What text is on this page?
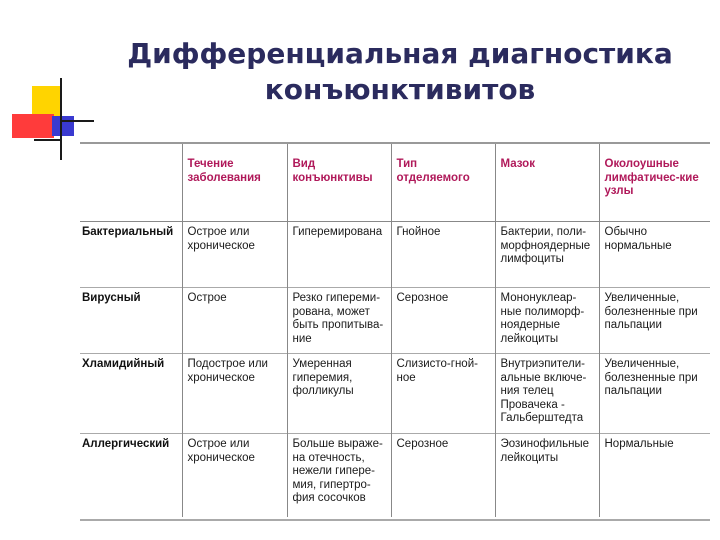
Дифференциальная диагностика
конъюнктивитов
	Течение заболевания	Вид конъюнктивы	Тип отделяемого	Мазок	Околоушные лимфатичес-кие узлы
Бактериальный	Острое или хроническое	Гиперемирована	Гнойное	Бактерии, поли-морфноядерные лимфоциты	Обычно нормальные
Вирусный	Острое	Резко гипереми-рована, может быть пропитыва-ние	Серозное	Мононуклеар-ные полиморф-ноядерные лейкоциты	Увеличенные, болезненные при пальпации
Хламидийный	Подострое или хроническое	Умеренная гиперемия, фолликулы	Слизисто-гной-ное	Внутриэпители-альные включе-ния телец Провачека - Гальберштедта	Увеличенные, болезненные при пальпации
Аллергический	Острое или хроническое	Больше выраже-на отечность, нежели гипере-мия, гипертро-фия сосочков	Серозное	Эозинофильные лейкоциты	Нормальные
